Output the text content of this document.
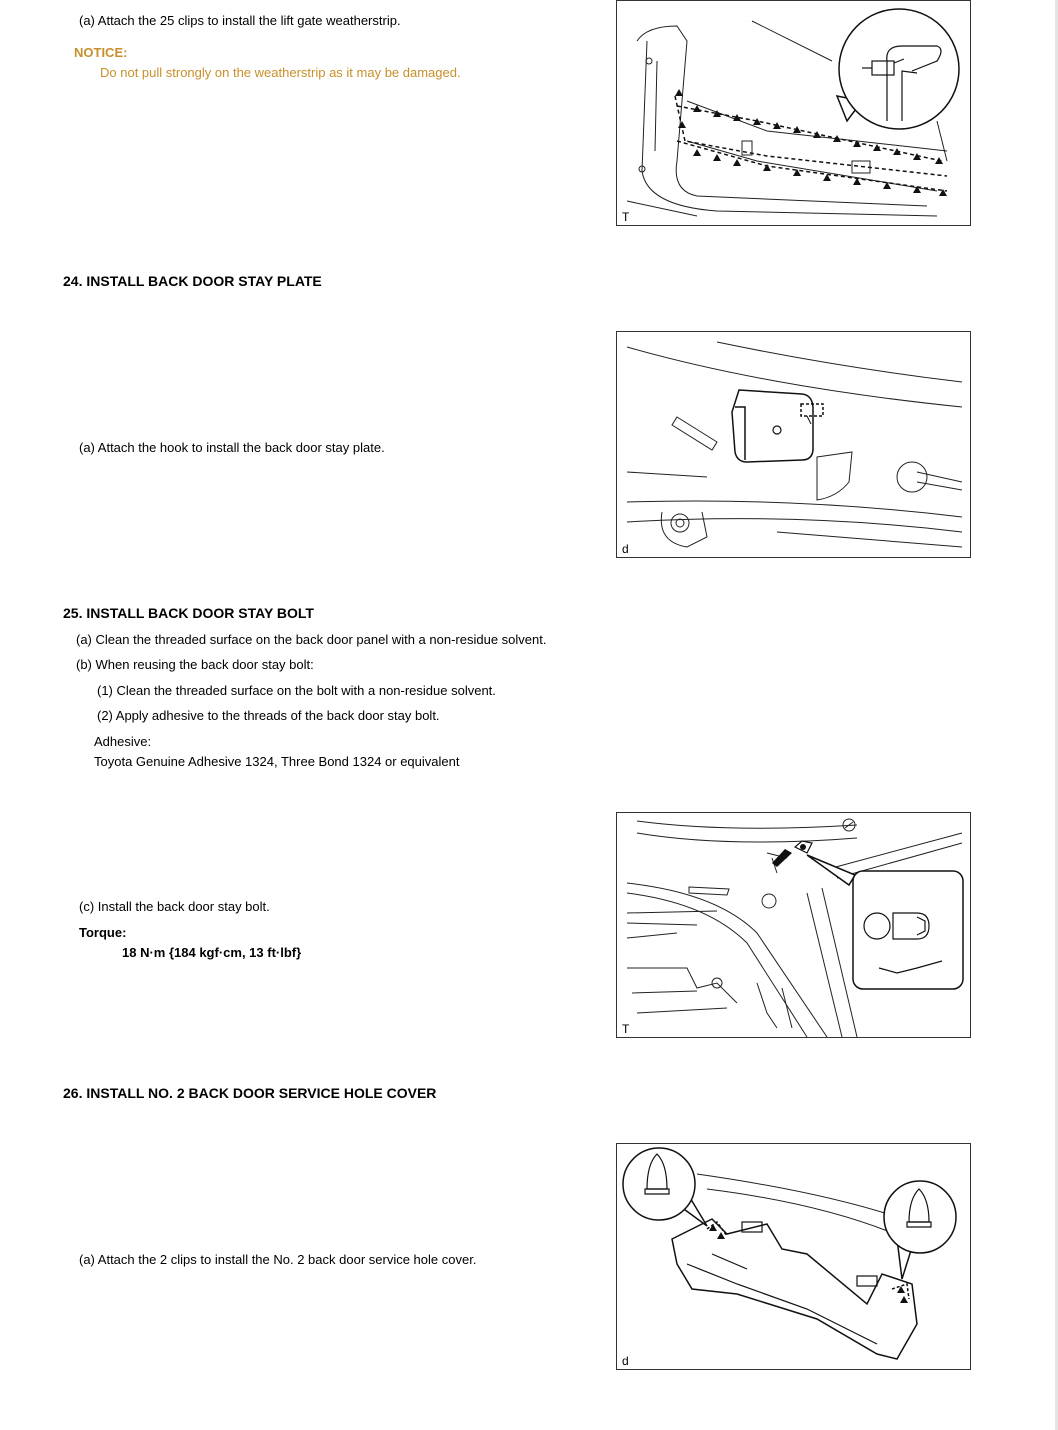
(a) Attach the 25 clips to install the lift gate weatherstrip.
NOTICE:
Do not pull strongly on the weatherstrip as it may be damaged.
T
24. INSTALL BACK DOOR STAY PLATE
(a) Attach the hook to install the back door stay plate.
d
25. INSTALL BACK DOOR STAY BOLT
(a) Clean the threaded surface on the back door panel with a non-residue solvent.
(b) When reusing the back door stay bolt:
(1) Clean the threaded surface on the bolt with a non-residue solvent.
(2) Apply adhesive to the threads of the back door stay bolt.
Adhesive:
Toyota Genuine Adhesive 1324, Three Bond 1324 or equivalent
(c) Install the back door stay bolt.
Torque:
18 N·m {184 kgf·cm, 13 ft·lbf}
T
26. INSTALL NO. 2 BACK DOOR SERVICE HOLE COVER
(a) Attach the 2 clips to install the No. 2 back door service hole cover.
d
